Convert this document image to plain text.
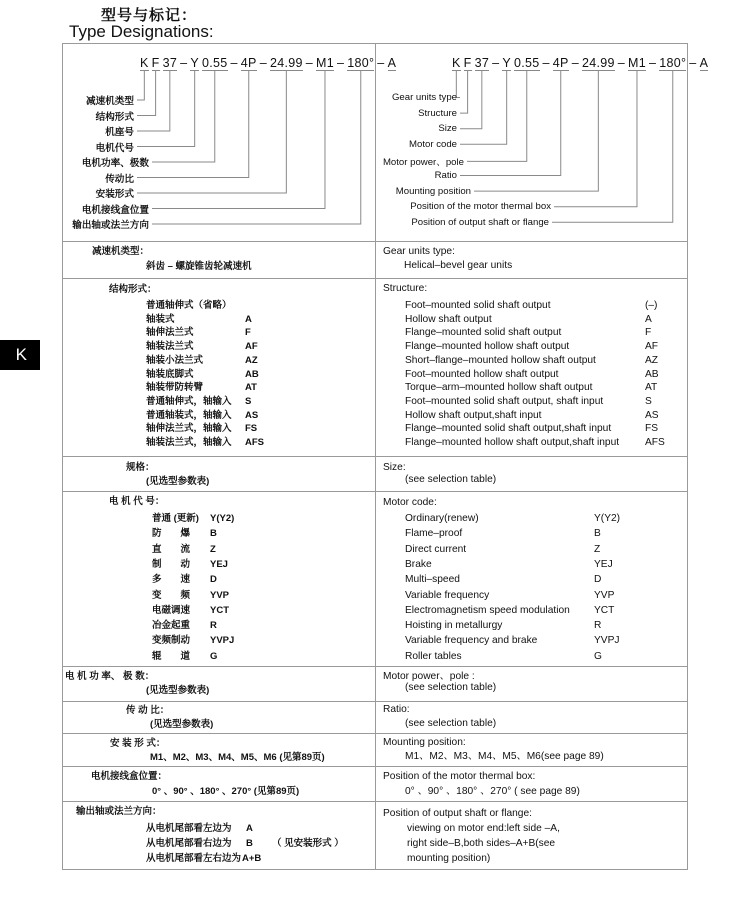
型号与标记：
Type Designations:
K
K F 37 – Y 0.55 – 4P – 24.99 – M1 – 180° – A
减速机类型
结构形式
机座号
电机代号
电机功率、极数
传动比
安装形式
电机接线盒位置
输出轴或法兰方向
K F 37 – Y 0.55 – 4P – 24.99 – M1 – 180° – A
Gear units type
Structure
Size
Motor code
Motor power、pole
Ratio
Mounting position
Position of the motor thermal box
Position of output shaft or flange
减速机类型：
斜齿 – 螺旋锥齿轮减速机
Gear units type:
Helical–bevel gear units
结构形式：	Structure:
普通轴伸式（省略）	Foot–mounted solid shaft output	(–)
轴装式	A	Hollow shaft output	A
轴伸法兰式	F	Flange–mounted solid shaft output	F
轴装法兰式	AF	Flange–mounted hollow shaft output	AF
轴装小法兰式	AZ	Short–flange–mounted hollow shaft output	AZ
轴装底脚式	AB	Foot–mounted hollow shaft output	AB
轴装带防转臂	AT	Torque–arm–mounted hollow shaft output	AT
普通轴伸式，轴输入 S	Foot–mounted solid shaft output, shaft input	S
普通轴装式，轴输入 AS	Hollow shaft output,shaft input	AS
轴伸法兰式，轴输入 FS	Flange–mounted solid shaft output,shaft input	FS
轴装法兰式，轴输入 AFS	Flange–mounted hollow shaft output,shaft input	AFS
规格：
(见选型参数表)
Size:
(see selection table)
电 机 代 号：	Motor code:
普通 (更新) Y(Y2)	Ordinary(renew)	Y(Y2)
防　　爆 B	Flame–proof	B
直　　流 Z	Direct current	Z
制　　动 YEJ	Brake	YEJ
多　　速 D	Multi–speed	D
变　　频 YVP	Variable frequency	YVP
电磁调速 YCT	Electromagnetism speed modulation YCT
冶金起重 R	Hoisting in metallurgy	R
变频制动 YVPJ	Variable frequency and brake	YVPJ
辊　　道 G	Roller tables	G
电 机 功 率、 极 数：
(见选型参数表)
Motor power、pole :
(see selection table)
传 动 比：
(见选型参数表)
Ratio:
(see selection table)
安 装 形 式：
M1、M2、M3、M4、M5、M6 (见第89页)
Mounting position:
M1、M2、M3、M4、M5、M6(see page 89)
电机接线盒位置：
0° 、90° 、180° 、270° (见第89页)
Position of the motor thermal box:
0° 、90° 、180° 、270° ( see page 89)
输出轴或法兰方向：
从电机尾部看左边为 A
从电机尾部看右边为 B （ 见安装形式 ）
从电机尾部看左右边为 A+B
Position of output shaft or flange:
viewing on motor end:left side –A,
right side–B,both sides–A+B(see
mounting position)
